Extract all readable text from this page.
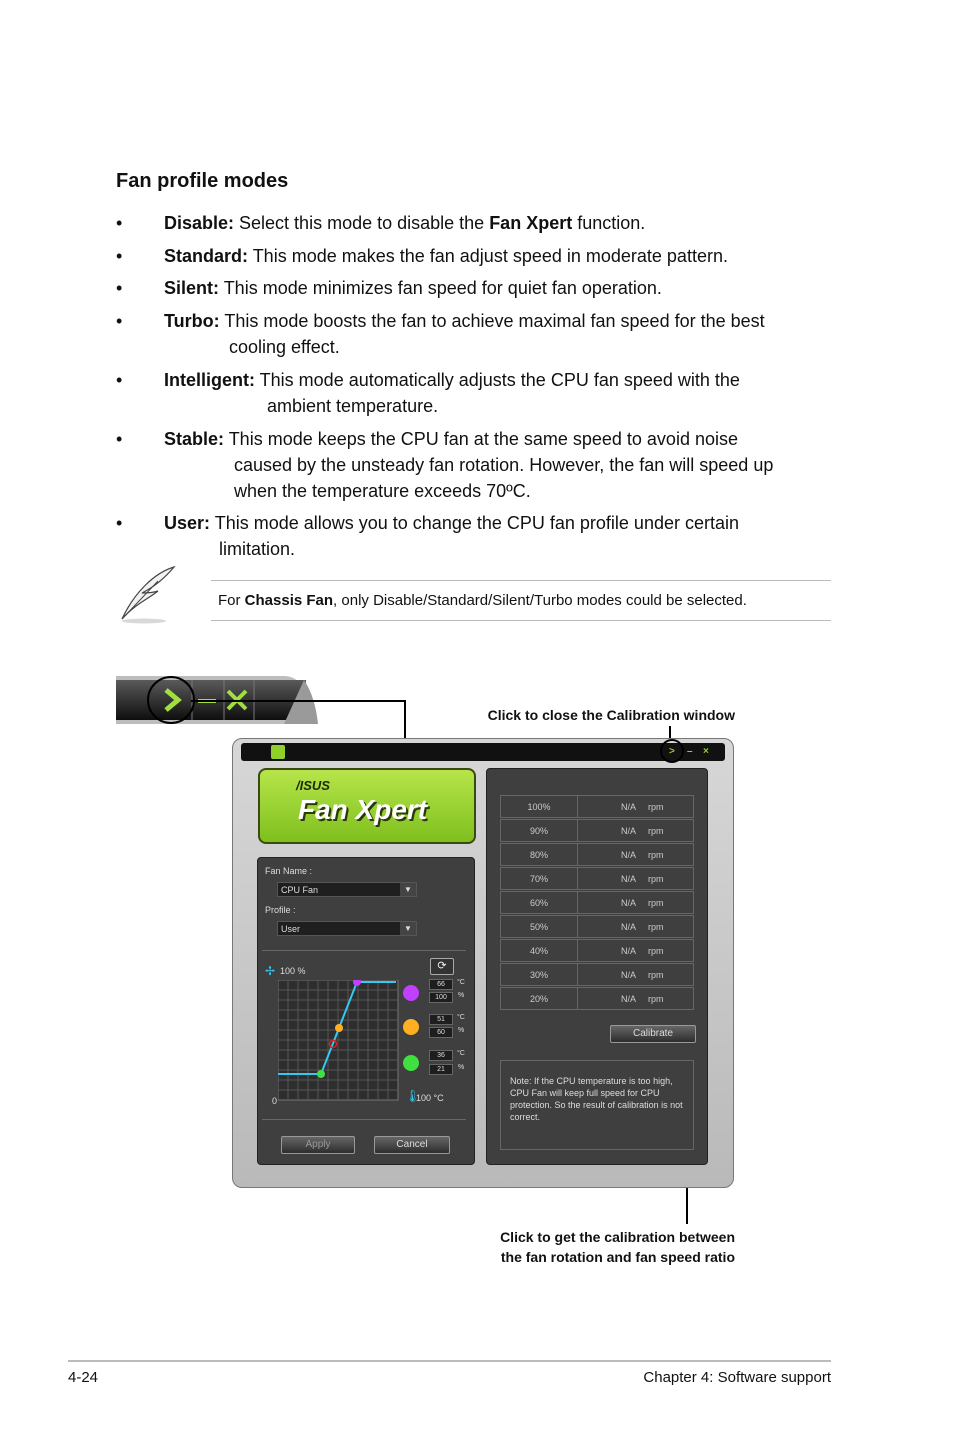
Fan profile modes
• Disable: Select this mode to disable the Fan Xpert function.
• Standard: This mode makes the fan adjust speed in moderate pattern.
• Silent: This mode minimizes fan speed for quiet fan operation.
• Turbo: This mode boosts the fan to achieve maximal fan speed for the best
cooling effect.
• Intelligent: This mode automatically adjusts the CPU fan speed with the
ambient temperature.
• Stable: This mode keeps the CPU fan at the same speed to avoid noise
caused by the unsteady fan rotation. However, the fan will speed up
when the temperature exceeds 70ºC.
• User: This mode allows you to change the CPU fan profile under certain
limitation.
For Chassis Fan, only Disable/Standard/Silent/Turbo modes could be selected.
Click to close the Calibration window
Click to get the calibration between
the fan rotation and fan speed ratio
>	–	×
/ISUS
Fan Xpert
Fan Name :
CPU Fan	▼
Profile :
User	▼
✢ 100 %	⟳
0	🌡
100 °C
66	°C
100	%
51	°C
60	%
36	°C
21	%
Apply	Cancel
100%	N/A rpm
90%	N/A rpm
80%	N/A rpm
70%	N/A rpm
60%	N/A rpm
50%	N/A rpm
40%	N/A rpm
30%	N/A rpm
20%	N/A rpm
Calibrate
Note: If the CPU temperature is too high, CPU Fan will keep full speed for CPU protection. So the result of calibration is not correct.
4-24	Chapter 4: Software support
